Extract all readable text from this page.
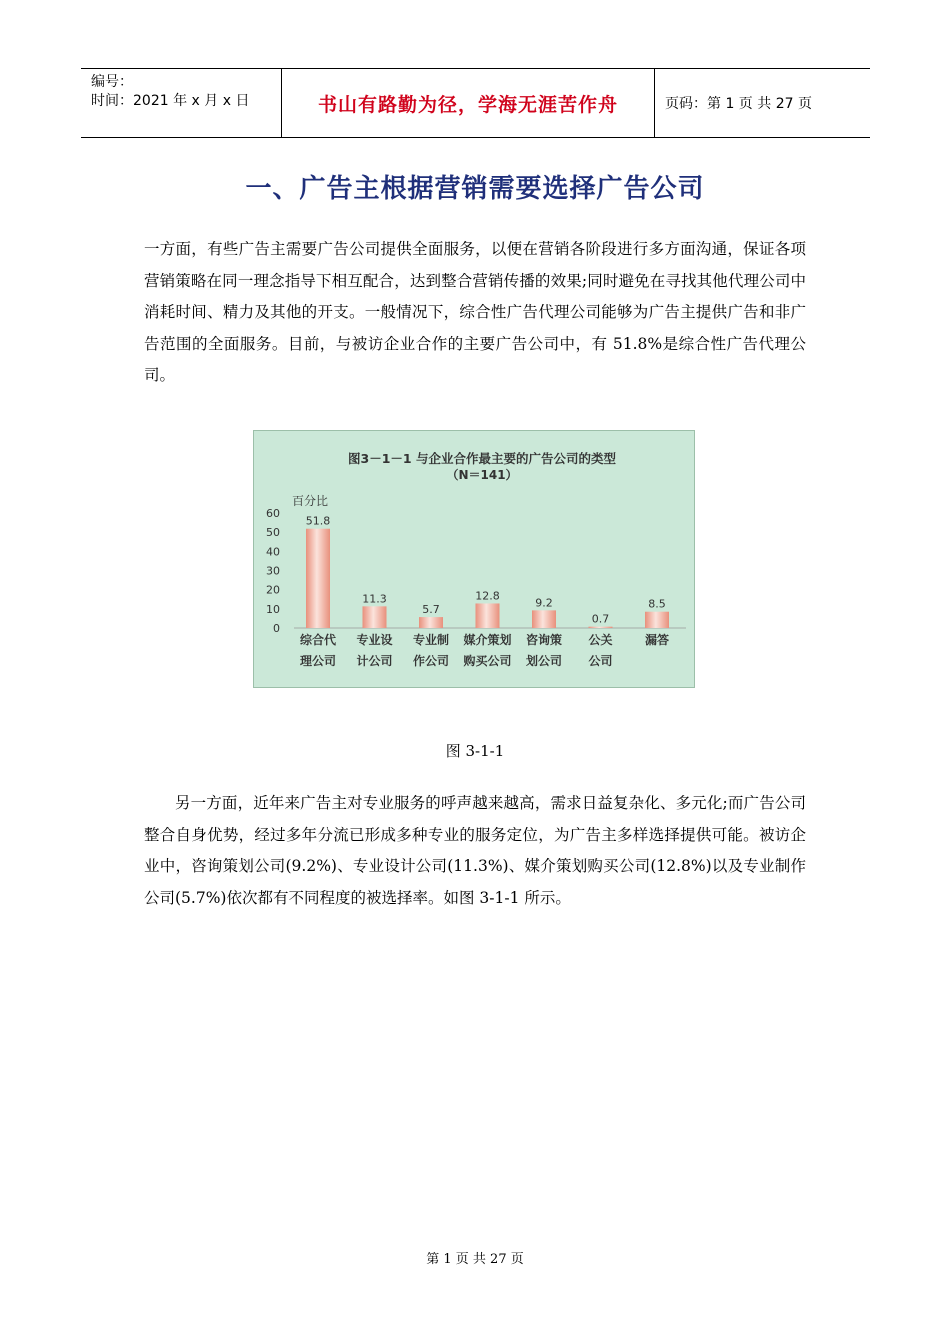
编号：
时间：2021 年 x 月 x 日	书山有路勤为径，学海无涯苦作舟	页码：第 1 页 共 27 页
一、广告主根据营销需要选择广告公司

一方面，有些广告主需要广告公司提供全面服务，以便在营销各阶段进行多方面沟通，保证各项营销策略在同一理念指导下相互配合，达到整合营销传播的效果;同时避免在寻找其他代理公司中消耗时间、精力及其他的开支。一般情况下，综合性广告代理公司能够为广告主提供广告和非广告范围的全面服务。目前，与被访企业合作的主要广告公司中，有 51.8%是综合性广告代理公司。

图3－1－1 与企业合作最主要的广告公司的类型
（N＝141）
百分比
0
10
20
30
40
50
60
51.8
11.3
5.7
12.8
9.2
0.7
8.5
综合代
理公司
专业设
计公司
专业制
作公司
媒介策划
购买公司
咨询策
划公司
公关
公司
漏答
图 3-1-1

另一方面，近年来广告主对专业服务的呼声越来越高，需求日益复杂化、多元化;而广告公司整合自身优势，经过多年分流已形成多种专业的服务定位，为广告主多样选择提供可能。被访企业中，咨询策划公司(9.2%)、专业设计公司(11.3%)、媒介策划购买公司(12.8%)以及专业制作公司(5.7%)依次都有不同程度的被选择率。如图 3-1-1 所示。

第 1 页 共 27 页
